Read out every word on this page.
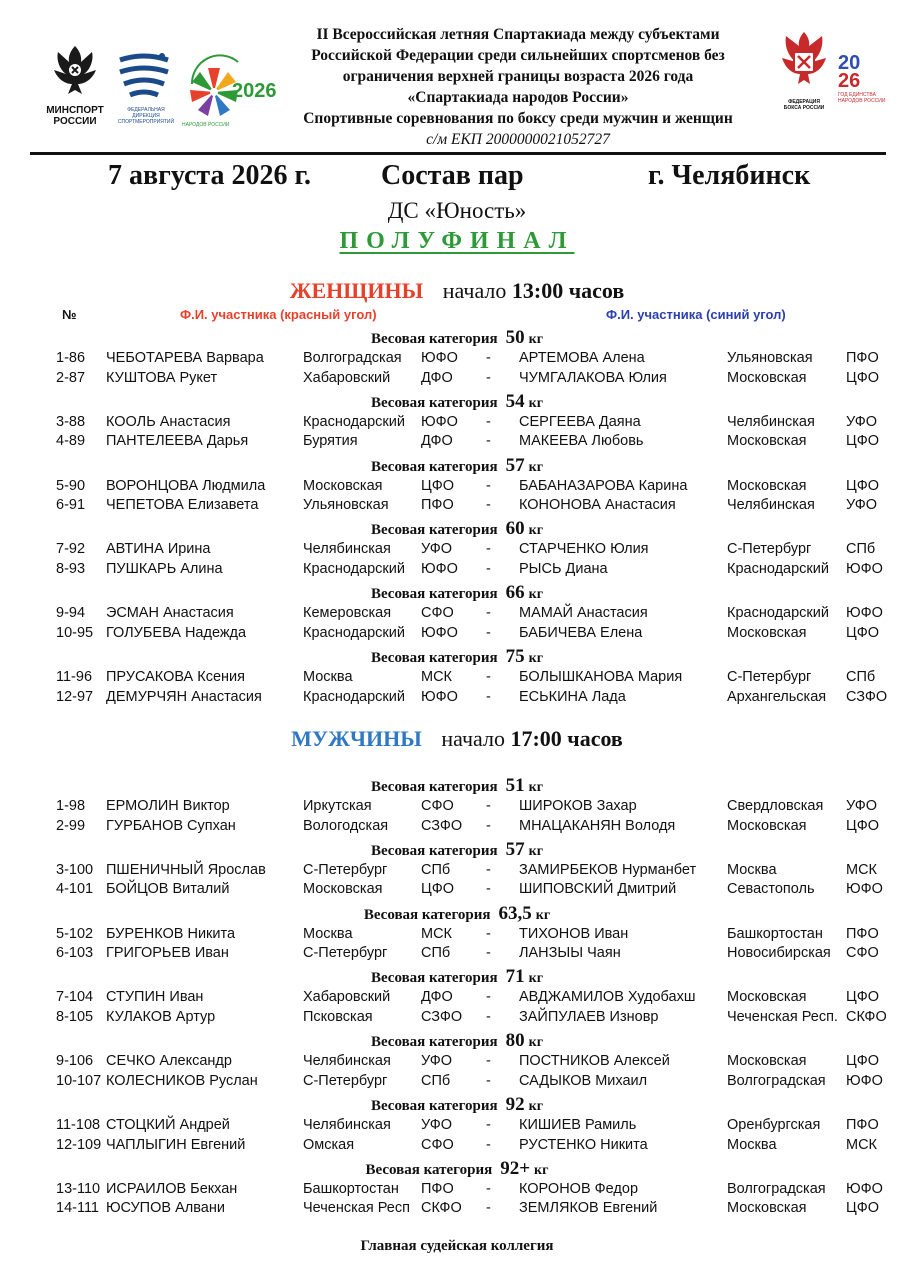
МИНСПОРТ
РОССИИ
ФЕДЕРАЛЬНАЯ
ДИРЕКЦИЯ
СПОРТМЕРОПРИЯТИЙ
2026
НАРОДОВ РОССИИ
ФЕДЕРАЦИЯ
БОКСА РОССИИ
20
26
ГОД ЕДИНСТВА НАРОДОВ РОССИИ
II Всероссийская летняя Спартакиада между субъектами
Российской Федерации среди сильнейших спортсменов без
ограничения верхней границы возраста 2026 года
«Спартакиада народов России»
Спортивные соревнования по боксу среди мужчин и женщин
с/м ЕКП 2000000021052727
7 августа 2026 г. Состав пар	г. Челябинск
ДС «Юность»
ПОЛУФИНАЛ
ЖЕНЩИНЫ начало 13:00 часов
№	Ф.И. участника (красный угол)	Ф.И. участника (синий угол)
Весовая категория 50 кг
1-86 ЧЕБОТАРЕВА Варвара	Волгоградская ЮФО - АРТЕМОВА Алена	Ульяновская ПФО
2-87 КУШТОВА Рукет	Хабаровский ДФО - ЧУМГАЛАКОВА Юлия	Московская	ЦФО
Весовая категория 54 кг
3-88 КООЛЬ Анастасия	Краснодарский ЮФО - СЕРГЕЕВА Даяна	Челябинская УФО
4-89 ПАНТЕЛЕЕВА Дарья	Бурятия	ДФО - МАКЕЕВА Любовь	Московская	ЦФО
Весовая категория 57 кг
5-90 ВОРОНЦОВА Людмила	Московская	ЦФО - БАБАНАЗАРОВА Карина	Московская	ЦФО
6-91 ЧЕПЕТОВА Елизавета	Ульяновская ПФО - КОНОНОВА Анастасия	Челябинская УФО
Весовая категория 60 кг
7-92 АВТИНА Ирина	Челябинская УФО - СТАРЧЕНКО Юлия	С-Петербург СПб
8-93 ПУШКАРЬ Алина	Краснодарский ЮФО - РЫСЬ Диана	Краснодарский ЮФО
Весовая категория 66 кг
9-94 ЭСМАН Анастасия	Кемеровская СФО - МАМАЙ Анастасия	Краснодарский ЮФО
10-95 ГОЛУБЕВА Надежда	Краснодарский ЮФО - БАБИЧЕВА Елена	Московская	ЦФО
Весовая категория 75 кг
11-96 ПРУСАКОВА Ксения	Москва	МСК - БОЛЫШКАНОВА Мария	С-Петербург СПб
12-97 ДЕМУРЧЯН Анастасия	Краснодарский ЮФО - ЕСЬКИНА Лада	Архангельская СЗФО
Весовая категория 51 кг
1-98 ЕРМОЛИН Виктор	Иркутская	СФО - ШИРОКОВ Захар	Свердловская УФО
2-99 ГУРБАНОВ Супхан	Вологодская СЗФО - МНАЦАКАНЯН Володя	Московская	ЦФО
Весовая категория 57 кг
3-100 ПШЕНИЧНЫЙ Ярослав	С-Петербург СПб - ЗАМИРБЕКОВ Нурманбет Москва	МСК
4-101 БОЙЦОВ Виталий	Московская	ЦФО - ШИПОВСКИЙ Дмитрий	Севастополь ЮФО
Весовая категория 63,5 кг
5-102 БУРЕНКОВ Никита	Москва	МСК - ТИХОНОВ Иван	Башкортостан ПФО
6-103 ГРИГОРЬЕВ Иван	С-Петербург СПб - ЛАНЗЫЫ Чаян	Новосибирская СФО
Весовая категория 71 кг
7-104 СТУПИН Иван	Хабаровский ДФО - АВДЖАМИЛОВ Худобахш Московская	ЦФО
8-105 КУЛАКОВ Артур	Псковская	СЗФО - ЗАЙПУЛАЕВ Изновр	Чеченская Респ. СКФО
Весовая категория 80 кг
9-106 СЕЧКО Александр	Челябинская УФО - ПОСТНИКОВ Алексей	Московская	ЦФО
10-107 КОЛЕСНИКОВ Руслан	С-Петербург СПб - САДЫКОВ Михаил	Волгоградская ЮФО
Весовая категория 92 кг
11-108 СТОЦКИЙ Андрей	Челябинская УФО - КИШИЕВ Рамиль	Оренбургская ПФО
12-109 ЧАПЛЫГИН Евгений	Омская	СФО - РУСТЕНКО Никита	Москва	МСК
Весовая категория 92+ кг
13-110 ИСРАИЛОВ Бекхан	Башкортостан ПФО - КОРОНОВ Федор	Волгоградская ЮФО
14-111 ЮСУПОВ Алвани	Чеченская Респ СКФО - ЗЕМЛЯКОВ Евгений	Московская	ЦФО
МУЖЧИНЫ начало 17:00 часов
Главная судейская коллегия
